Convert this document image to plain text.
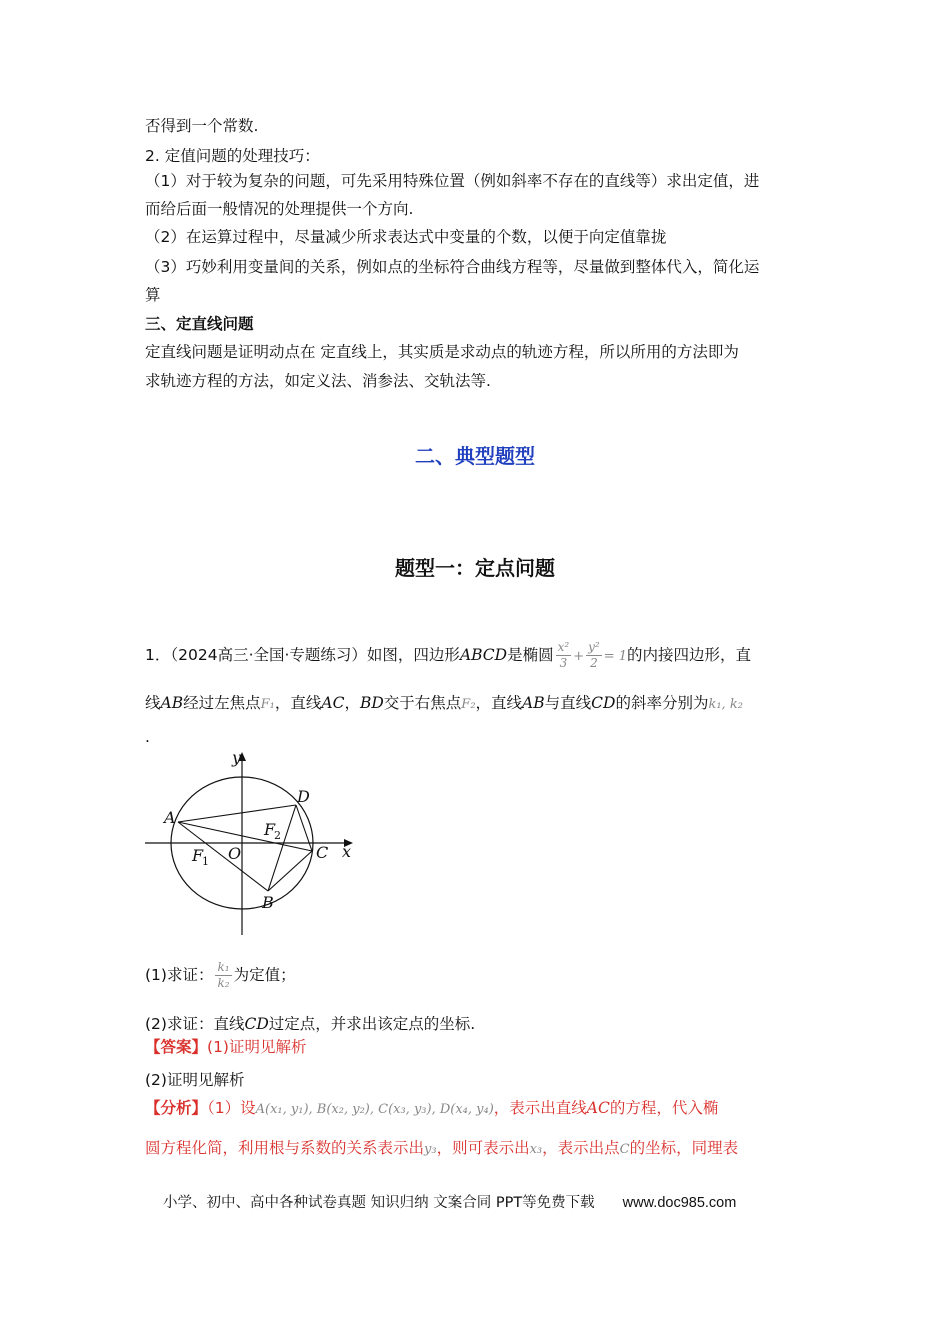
否得到一个常数.
2. 定值问题的处理技巧：
（1）对于较为复杂的问题，可先采用特殊位置（例如斜率不存在的直线等）求出定值，进
而给后面一般情况的处理提供一个方向.
（2）在运算过程中，尽量减少所求表达式中变量的个数，以便于向定值靠拢
（3）巧妙利用变量间的关系，例如点的坐标符合曲线方程等，尽量做到整体代入，简化运
算
三、定直线问题
定直线问题是证明动点在 定直线上，其实质是求动点的轨迹方程，所以所用的方法即为
求轨迹方程的方法，如定义法、消参法、交轨法等.
二、典型题型
题型一：定点问题
1．（2024高三·全国·专题练习）如图，四边形ABCD是椭圆 $\frac{\text{x²}}{3} + \frac{\text{y²}}{2} = 1$的内接四边形，直
线AB经过左焦点F₁，直线AC，BD交于右焦点F₂，直线AB与直线CD的斜率分别为k₁, k₂
.
y
x
A
D
C
B
O
F
1
F
2
(1)求证： $\frac{\text{k₁}}{\text{k₂}}$ 为定值；
(2)求证：直线CD过定点，并求出该定点的坐标.
【答案】(1)证明见解析
(2)证明见解析
【分析】（1）设A(x₁, y₁), B(x₂, y₂), C(x₃, y₃), D(x₄, y₄)，表示出直线AC的方程，代入椭
圆方程化简，利用根与系数的关系表示出y₃，则可表示出x₃，表示出点C的坐标，同理表
小学、初中、高中各种试卷真题 知识归纳 文案合同 PPT等免费下载 www.doc985.com
